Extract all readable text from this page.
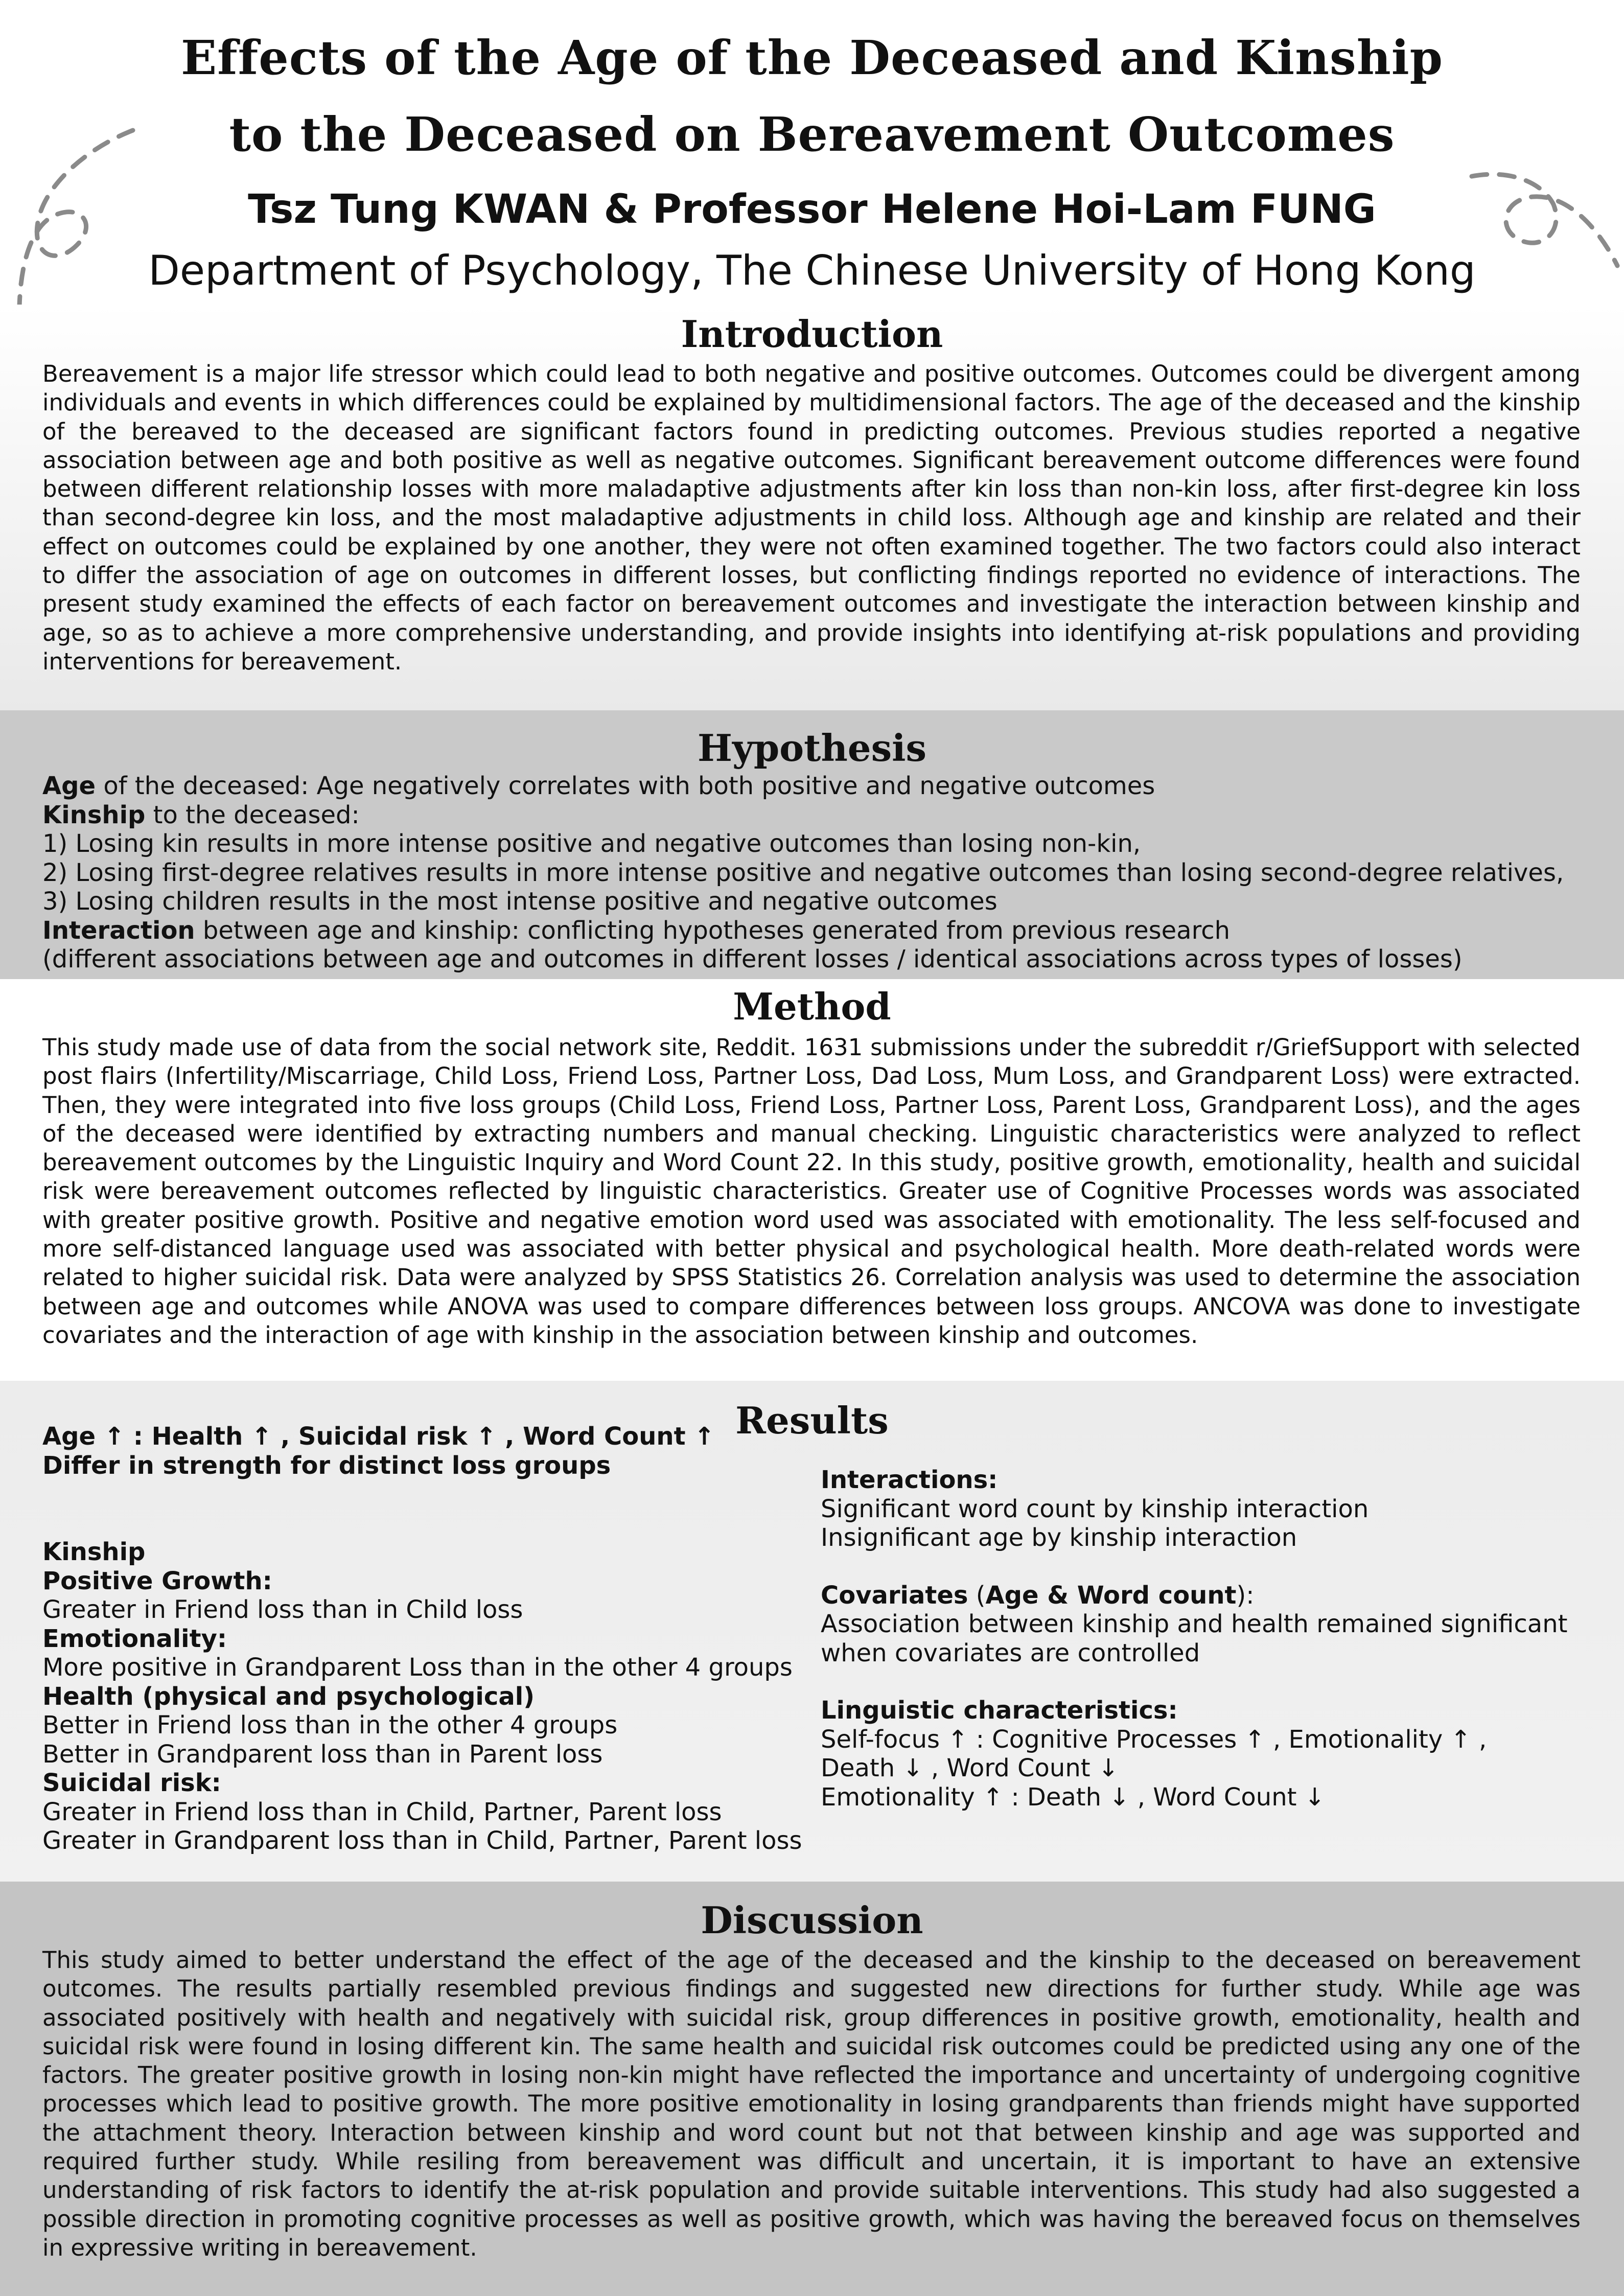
Effects of the Age of the Deceased and Kinship
to the Deceased on Bereavement Outcomes
Tsz Tung KWAN & Professor Helene Hoi-Lam FUNG
Department of Psychology, The Chinese University of Hong Kong
Introduction

Bereavement is a major life stressor which could lead to both negative and positive outcomes. Outcomes could be divergent among individuals and events in which differences could be explained by multidimensional factors. The age of the deceased and the kinship of the bereaved to the deceased are significant factors found in predicting outcomes. Previous studies reported a negative association between age and both positive as well as negative outcomes. Significant bereavement outcome differences were found between different relationship losses with more maladaptive adjustments after kin loss than non-kin loss, after first-degree kin loss than second-degree kin loss, and the most maladaptive adjustments in child loss. Although age and kinship are related and their effect on outcomes could be explained by one another, they were not often examined together. The two factors could also interact to differ the association of age on outcomes in different losses, but conflicting findings reported no evidence of interactions. The present study examined the effects of each factor on bereavement outcomes and investigate the interaction between kinship and age, so as to achieve a more comprehensive understanding, and provide insights into identifying at-risk populations and providing interventions for bereavement.

Hypothesis
Age of the deceased: Age negatively correlates with both positive and negative outcomes
Kinship to the deceased:
1) Losing kin results in more intense positive and negative outcomes than losing non-kin,
2) Losing first-degree relatives results in more intense positive and negative outcomes than losing second-degree relatives,
3) Losing children results in the most intense positive and negative outcomes
Interaction between age and kinship: conflicting hypotheses generated from previous research
(different associations between age and outcomes in different losses / identical associations across types of losses)
Method

This study made use of data from the social network site, Reddit. 1631 submissions under the subreddit r/GriefSupport with selected post flairs (Infertility/Miscarriage, Child Loss, Friend Loss, Partner Loss, Dad Loss, Mum Loss, and Grandparent Loss) were extracted. Then, they were integrated into five loss groups (Child Loss, Friend Loss, Partner Loss, Parent Loss, Grandparent Loss), and the ages of the deceased were identified by extracting numbers and manual checking. Linguistic characteristics were analyzed to reflect bereavement outcomes by the Linguistic Inquiry and Word Count 22. In this study, positive growth, emotionality, health and suicidal risk were bereavement outcomes reflected by linguistic characteristics. Greater use of Cognitive Processes words was associated with greater positive growth. Positive and negative emotion word used was associated with emotionality. The less self-focused and more self-distanced language used was associated with better physical and psychological health. More death-related words were related to higher suicidal risk. Data were analyzed by SPSS Statistics 26. Correlation analysis was used to determine the association between age and outcomes while ANOVA was used to compare differences between loss groups. ANCOVA was done to investigate covariates and the interaction of age with kinship in the association between kinship and outcomes.

Results
Age ↑ : Health ↑ , Suicidal risk ↑ , Word Count ↑
Differ in strength for distinct loss groups
Kinship
Positive Growth:
Greater in Friend loss than in Child loss
Emotionality:
More positive in Grandparent Loss than in the other 4 groups
Health (physical and psychological)
Better in Friend loss than in the other 4 groups
Better in Grandparent loss than in Parent loss
Suicidal risk:
Greater in Friend loss than in Child, Partner, Parent loss
Greater in Grandparent loss than in Child, Partner, Parent loss
Interactions:
Significant word count by kinship interaction
Insignificant age by kinship interaction
Covariates (Age & Word count):
Association between kinship and health remained significant
when covariates are controlled
Linguistic characteristics:
Self-focus ↑ : Cognitive Processes ↑ , Emotionality ↑ ,
Death ↓ , Word Count ↓
Emotionality ↑ : Death ↓ , Word Count ↓
Discussion

This study aimed to better understand the effect of the age of the deceased and the kinship to the deceased on bereavement outcomes. The results partially resembled previous findings and suggested new directions for further study. While age was associated positively with health and negatively with suicidal risk, group differences in positive growth, emotionality, health and suicidal risk were found in losing different kin. The same health and suicidal risk outcomes could be predicted using any one of the factors. The greater positive growth in losing non-kin might have reflected the importance and uncertainty of undergoing cognitive processes which lead to positive growth. The more positive emotionality in losing grandparents than friends might have supported the attachment theory. Interaction between kinship and word count but not that between kinship and age was supported and required further study. While resiling from bereavement was difficult and uncertain, it is important to have an extensive understanding of risk factors to identify the at-risk population and provide suitable interventions. This study had also suggested a possible direction in promoting cognitive processes as well as positive growth, which was having the bereaved focus on themselves in expressive writing in bereavement.
